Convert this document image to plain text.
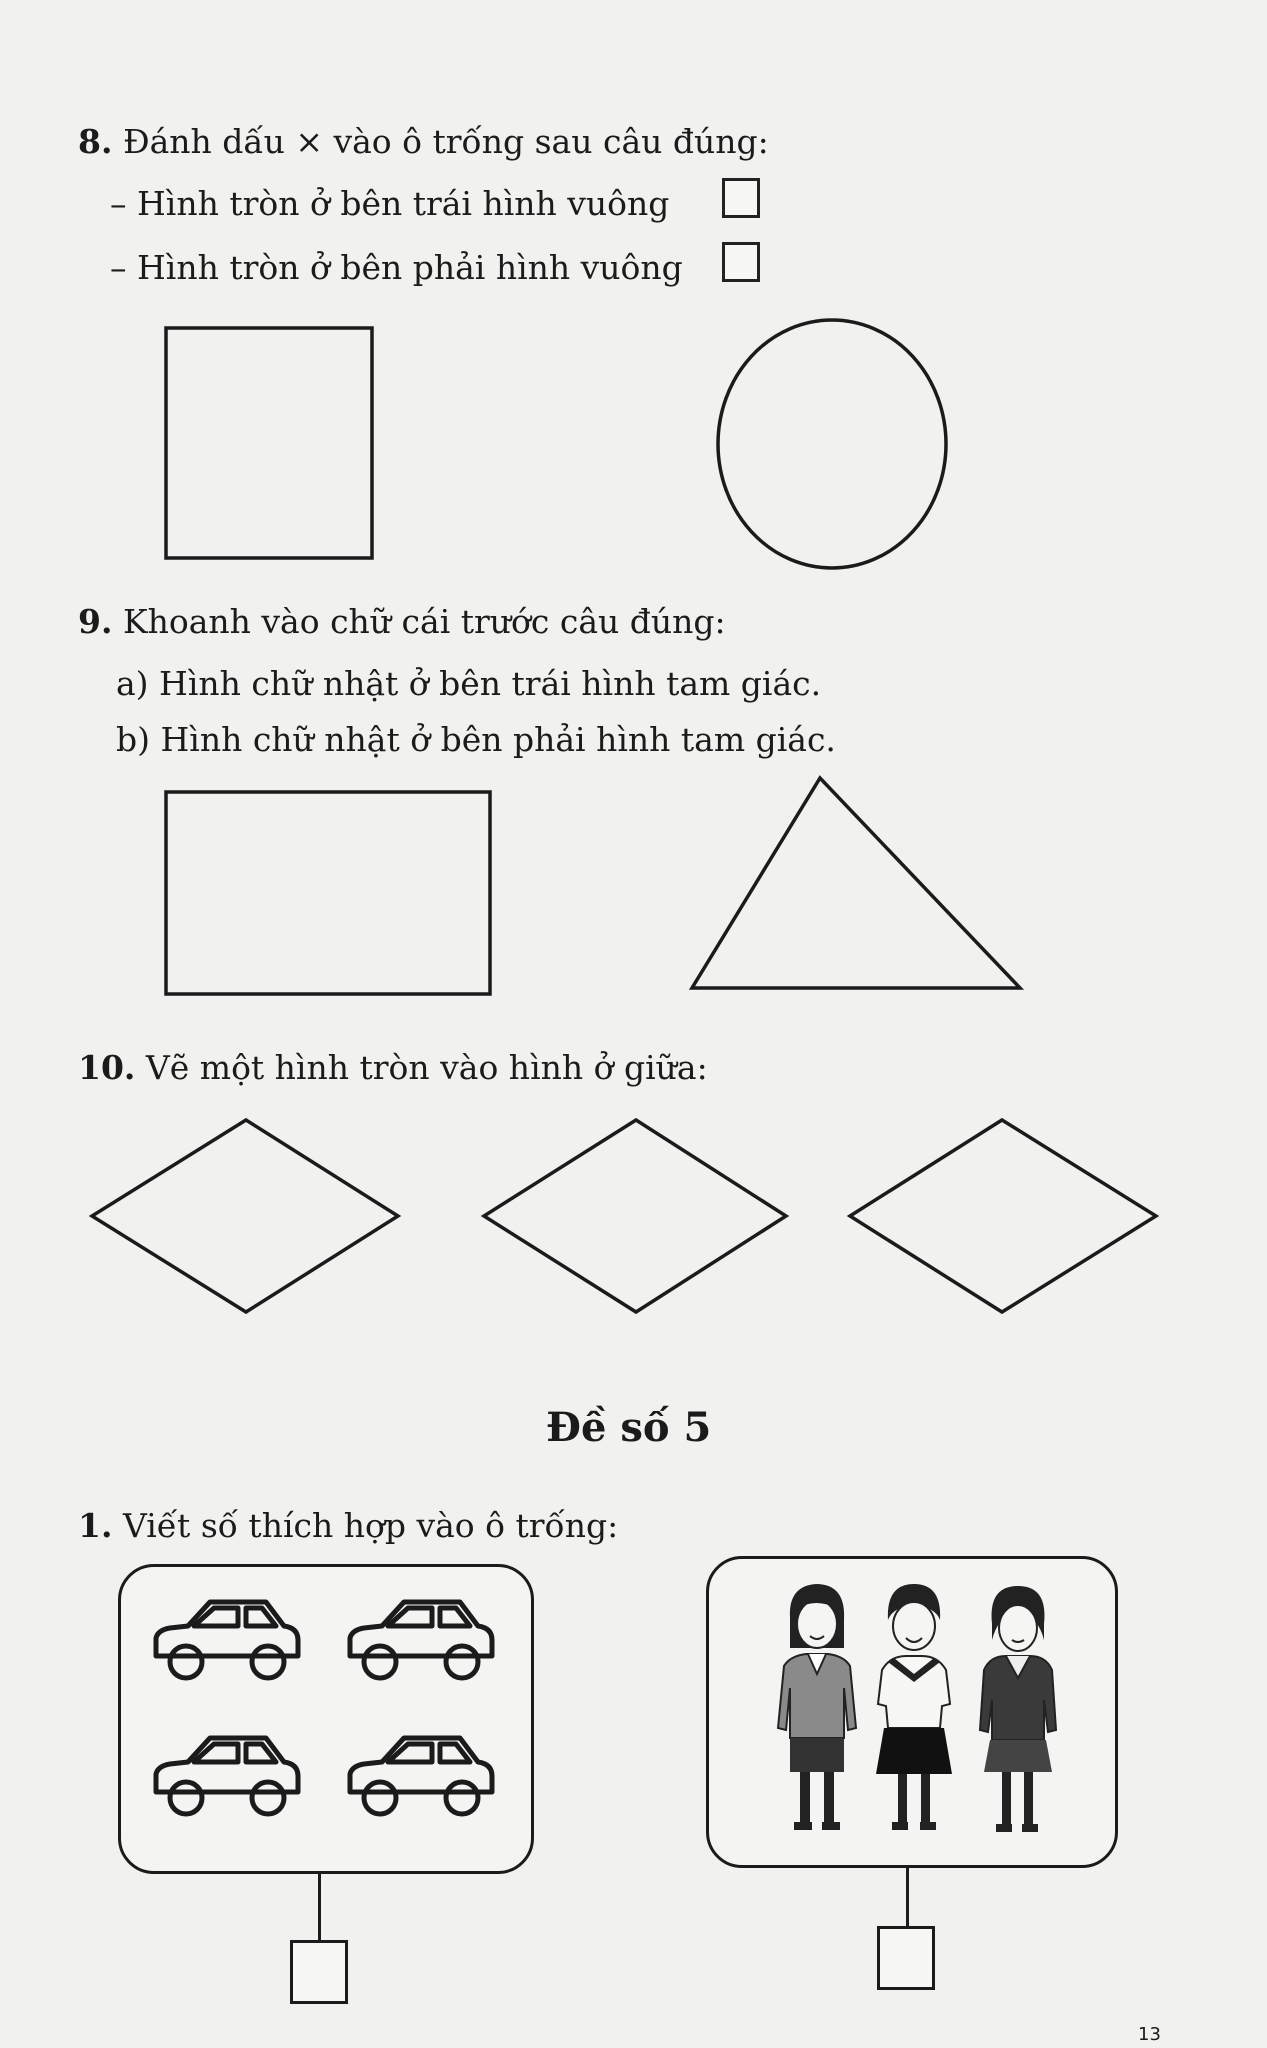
8. Đánh dấu × vào ô trống sau câu đúng:
– Hình tròn ở bên trái hình vuông
– Hình tròn ở bên phải hình vuông
9. Khoanh vào chữ cái trước câu đúng:
a) Hình chữ nhật ở bên trái hình tam giác.
b) Hình chữ nhật ở bên phải hình tam giác.
10. Vẽ một hình tròn vào hình ở giữa:
Đề số 5
1. Viết số thích hợp vào ô trống:
13
